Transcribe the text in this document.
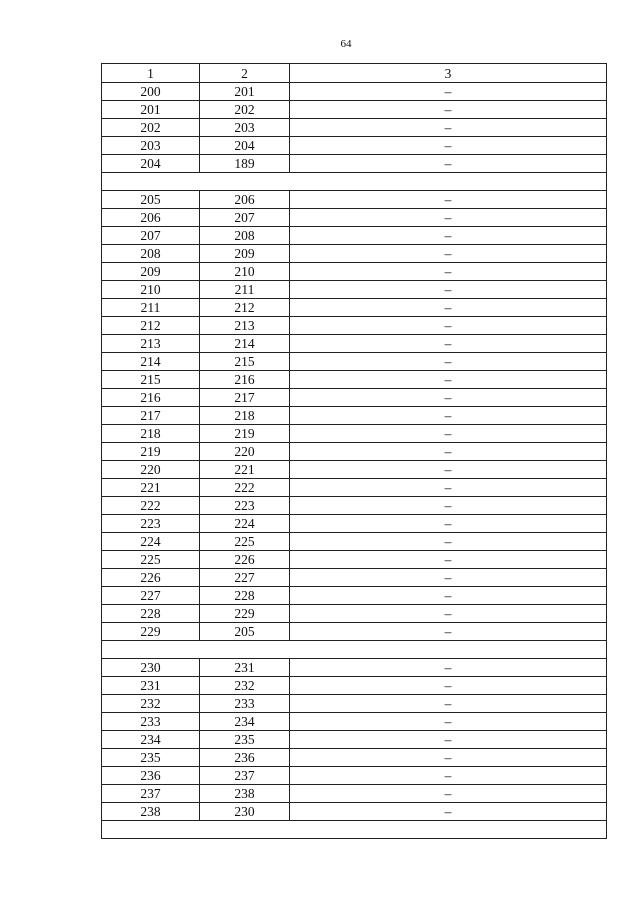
64
1	2	3
200	201	–
201	202	–
202	203	–
203	204	–
204	189	–

205	206	–
206	207	–
207	208	–
208	209	–
209	210	–
210	211	–
211	212	–
212	213	–
213	214	–
214	215	–
215	216	–
216	217	–
217	218	–
218	219	–
219	220	–
220	221	–
221	222	–
222	223	–
223	224	–
224	225	–
225	226	–
226	227	–
227	228	–
228	229	–
229	205	–

230	231	–
231	232	–
232	233	–
233	234	–
234	235	–
235	236	–
236	237	–
237	238	–
238	230	–
